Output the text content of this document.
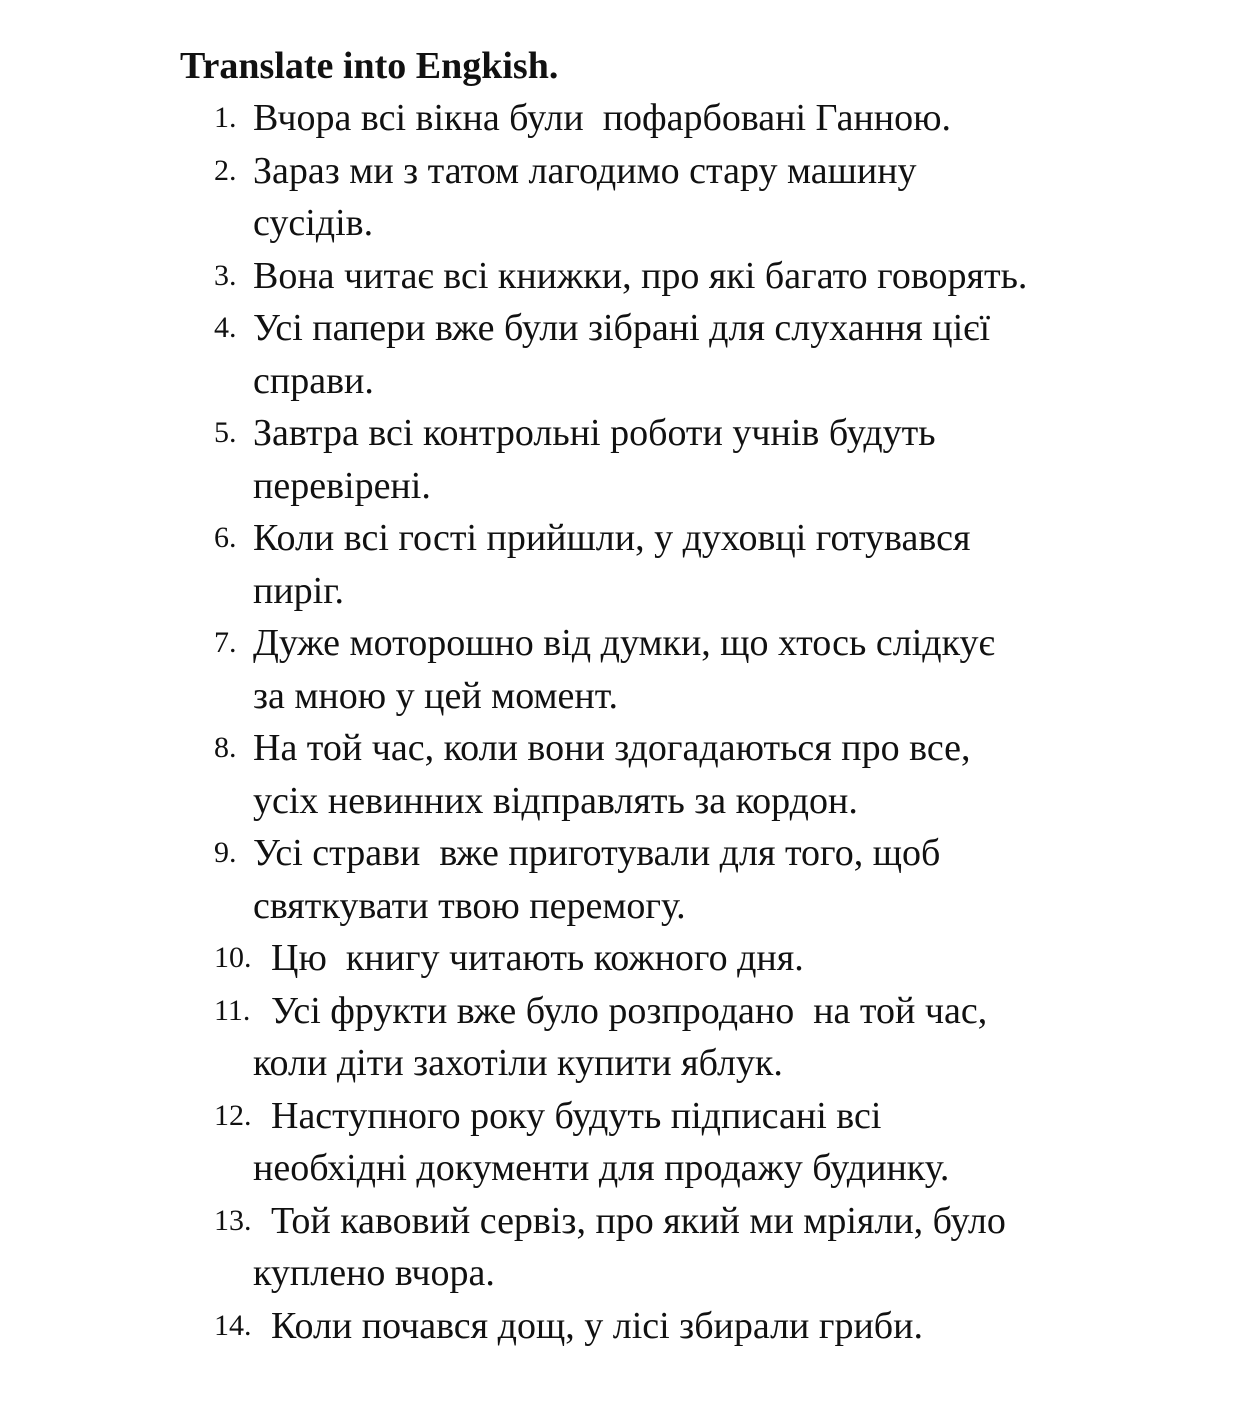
Translate into Engkish.
1. Вчора всі вікна були  пофарбовані Ганною.
2. Зараз ми з татом лагодимо стару машину
сусідів.
3. Вона читає всі книжки, про які багато говорять.
4. Усі папери вже були зібрані для слухання цієї
справи.
5. Завтра всі контрольні роботи учнів будуть
перевірені.
6. Коли всі гості прийшли, у духовці готувався
пиріг.
7. Дуже моторошно від думки, що хтось слідкує
за мною у цей момент.
8. На той час, коли вони здогадаються про все,
усіх невинних відправлять за кордон.
9. Усі страви  вже приготували для того, щоб
святкувати твою перемогу.
10. Цю  книгу читають кожного дня.
11. Усі фрукти вже було розпродано  на той час,
коли діти захотіли купити яблук.
12. Наступного року будуть підписані всі
необхідні документи для продажу будинку.
13. Той кавовий сервіз, про який ми мріяли, було
куплено вчора.
14. Коли почався дощ, у лісі збирали гриби.
